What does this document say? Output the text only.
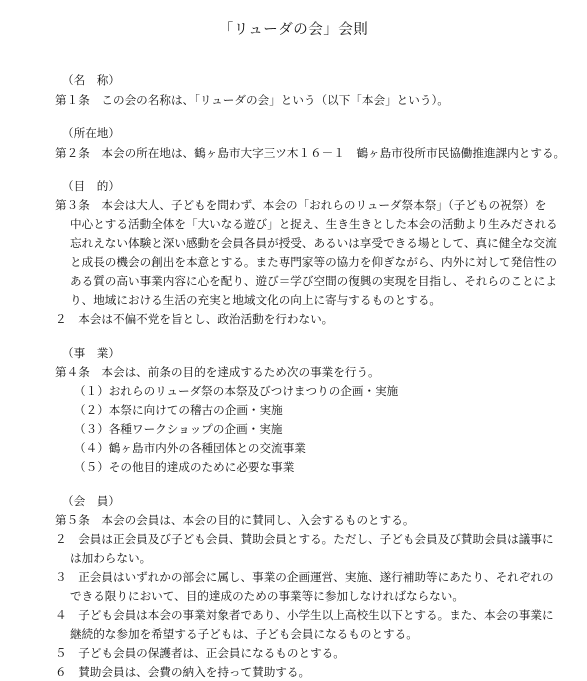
「リューダの会」会則
（名　称）
第１条　この会の名称は、「リューダの会」という（以下「本会」という）。
（所在地）
第２条　本会の所在地は、鶴ヶ島市大字三ツ木１６－１　鶴ヶ島市役所市民協働推進課内とする。
（目　的）
第３条　本会は大人、子どもを問わず、本会の「おれらのリューダ祭本祭」（子どもの祝祭）を
中心とする活動全体を「大いなる遊び」と捉え、生き生きとした本会の活動より生みだされる
忘れえない体験と深い感動を会員各員が授受、あるいは享受できる場として、真に健全な交流
と成長の機会の創出を本意とする。また専門家等の協力を仰ぎながら、内外に対して発信性の
ある質の高い事業内容に心を配り、遊び＝学び空間の復興の実現を目指し、それらのことによ
り、地域における生活の充実と地域文化の向上に寄与するものとする。
２　本会は不偏不党を旨とし、政治活動を行わない。
（事　業）
第４条　本会は、前条の目的を達成するため次の事業を行う。
（１）おれらのリューダ祭の本祭及びつけまつりの企画・実施
（２）本祭に向けての稽古の企画・実施
（３）各種ワークショップの企画・実施
（４）鶴ヶ島市内外の各種団体との交流事業
（５）その他目的達成のために必要な事業
（会　員）
第５条　本会の会員は、本会の目的に賛同し、入会するものとする。
２　会員は正会員及び子ども会員、賛助会員とする。ただし、子ども会員及び賛助会員は議事に
は加わらない。
３　正会員はいずれかの部会に属し、事業の企画運営、実施、遂行補助等にあたり、それぞれの
できる限りにおいて、目的達成のための事業等に参加しなければならない。
４　子ども会員は本会の事業対象者であり、小学生以上高校生以下とする。また、本会の事業に
継続的な参加を希望する子どもは、子ども会員になるものとする。
５　子ども会員の保護者は、正会員になるものとする。
６　賛助会員は、会費の納入を持って賛助する。
